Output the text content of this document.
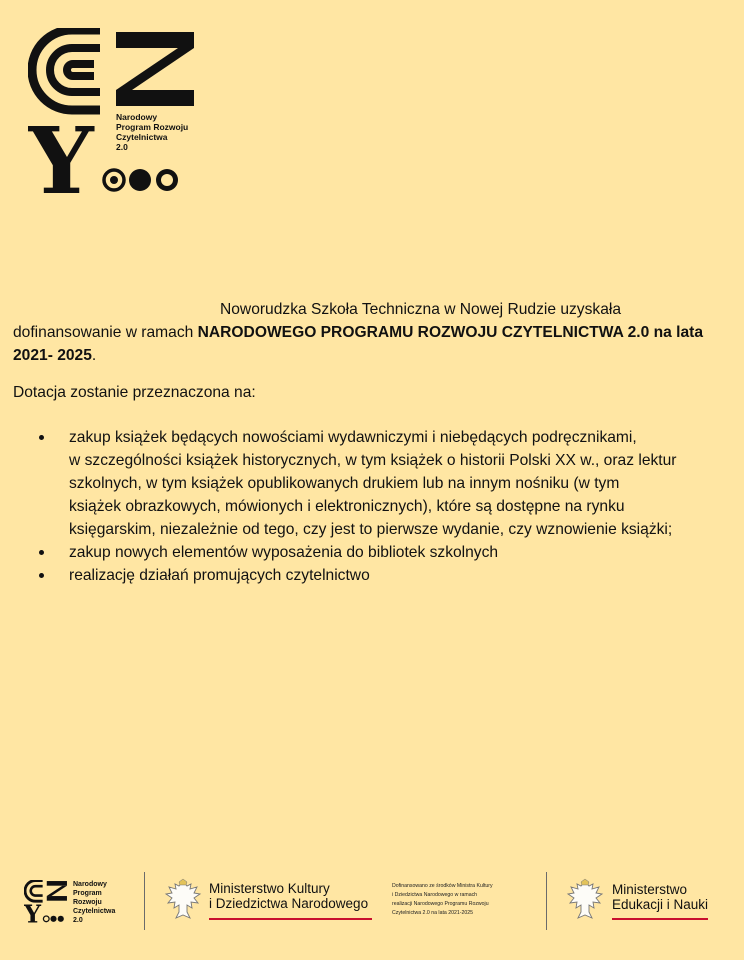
Y	Narodowy
Program Rozwoju
Czytelnictwa
2.0

Noworudzka Szkoła Techniczna w Nowej Rudzie uzyskała
dofinansowanie w ramach NARODOWEGO PROGRAMU ROZWOJU CZYTELNICTWA 2.0 na lata 2021- 2025.

Dotacja zostanie przeznaczona na:

zakup książek będących nowościami wydawniczymi i niebędących podręcznikami,
w szczególności książek historycznych, w tym książek o historii Polski XX w., oraz lektur
szkolnych, w tym książek opublikowanych drukiem lub na innym nośniku (w tym
książek obrazkowych, mówionych i elektronicznych), które są dostępne na rynku
księgarskim, niezależnie od tego, czy jest to pierwsze wydanie, czy wznowienie książki;
zakup nowych elementów wyposażenia do bibliotek szkolnych
realizację działań promujących czytelnictwo
Y
Narodowy
Program
Rozwoju
Czytelnictwa
2.0
Ministerstwo Kultury
i Dziedzictwa Narodowego
Dofinansowano ze środków Ministra Kultury
i Dziedzictwa Narodowego w ramach
realizacji Narodowego Programu Rozwoju
Czytelnictwa 2.0 na lata 2021-2025
Ministerstwo
Edukacji i Nauki
